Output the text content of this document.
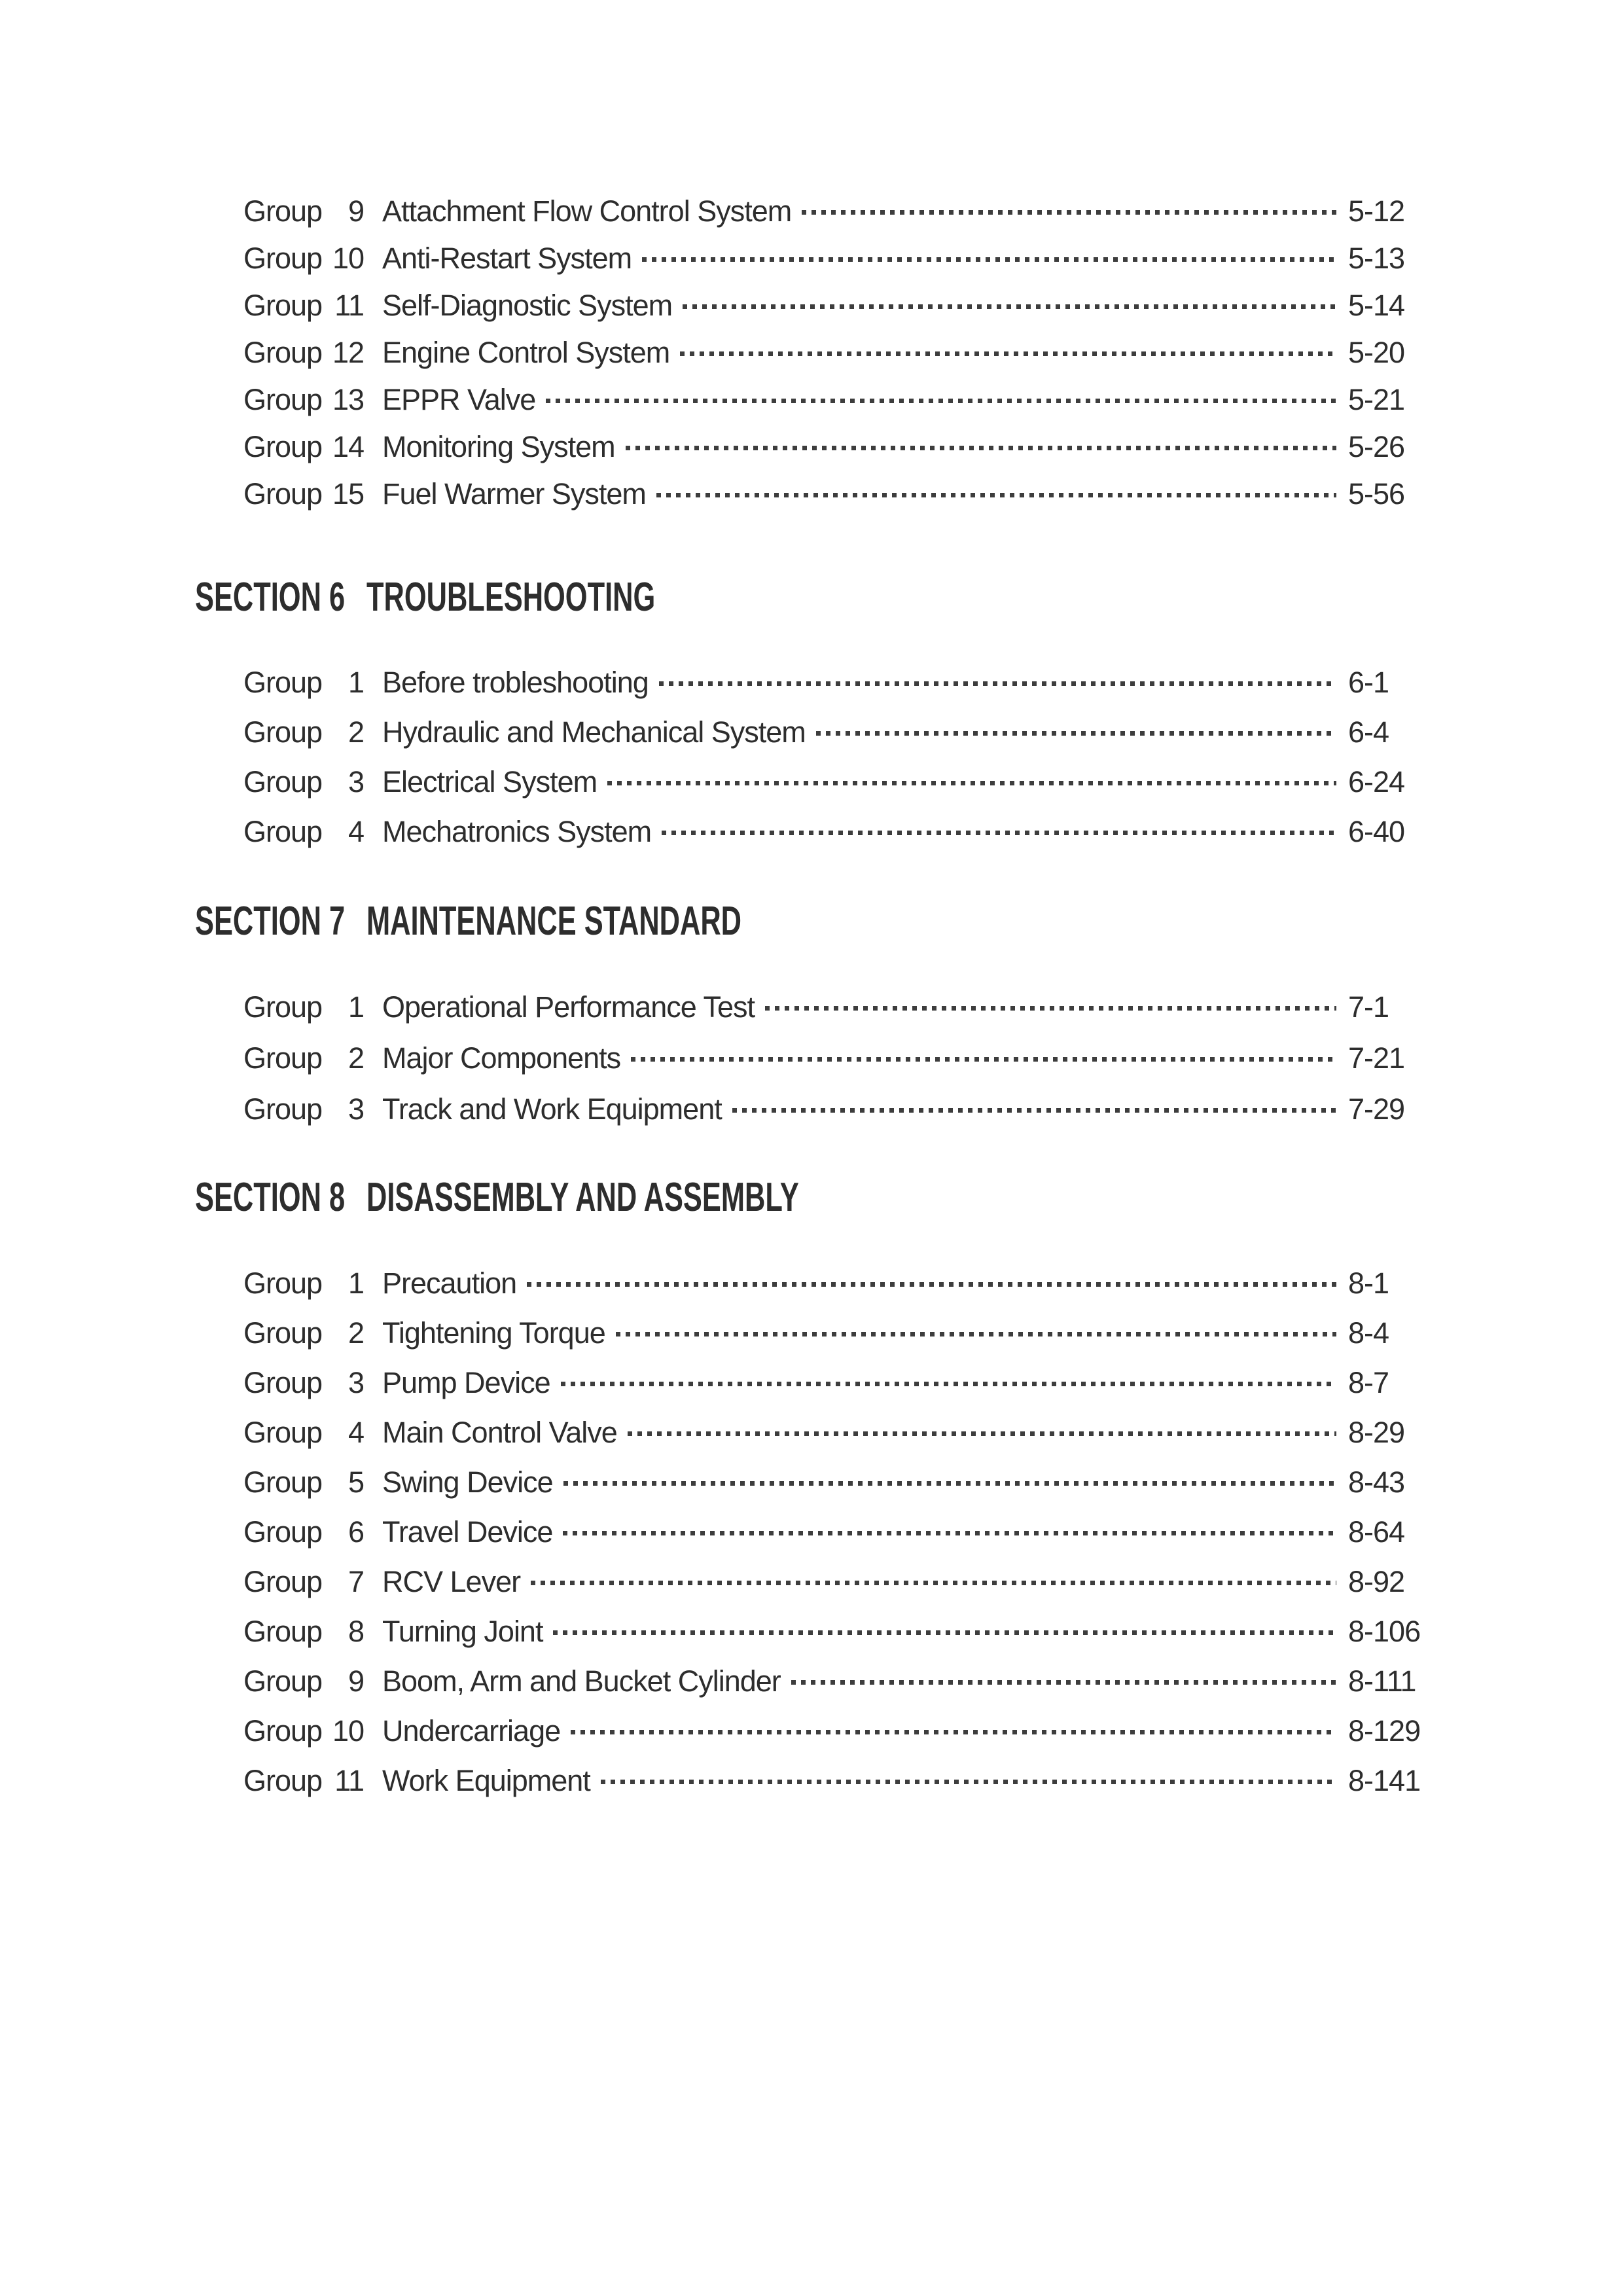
Group 9 Attachment Flow Control System	5-12
Group 10 Anti-Restart System	5-13
Group 11 Self-Diagnostic System	5-14
Group 12 Engine Control System	5-20
Group 13 EPPR Valve	5-21
Group 14 Monitoring System	5-26
Group 15 Fuel Warmer System	5-56
SECTION 6 TROUBLESHOOTING
Group 1 Before trobleshooting	6-1
Group 2 Hydraulic and Mechanical System	6-4
Group 3 Electrical System	6-24
Group 4 Mechatronics System	6-40
SECTION 7 MAINTENANCE STANDARD
Group 1 Operational Performance Test	7-1
Group 2 Major Components	7-21
Group 3 Track and Work Equipment	7-29
SECTION 8 DISASSEMBLY AND ASSEMBLY
Group 1 Precaution	8-1
Group 2 Tightening Torque	8-4
Group 3 Pump Device	8-7
Group 4 Main Control Valve	8-29
Group 5 Swing Device	8-43
Group 6 Travel Device	8-64
Group 7 RCV Lever	8-92
Group 8 Turning Joint	8-106
Group 9 Boom, Arm and Bucket Cylinder	8-111
Group 10 Undercarriage	8-129
Group 11 Work Equipment	8-141
